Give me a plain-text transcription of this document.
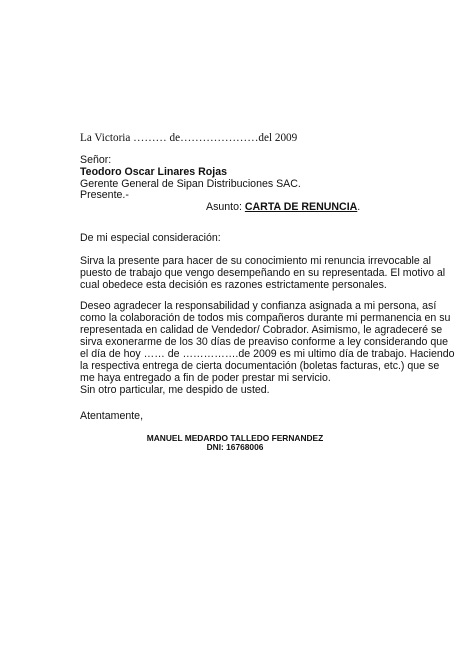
La Victoria ……… de…………………del 2009
Señor:
Teodoro Oscar Linares Rojas
Gerente General de Sipan Distribuciones SAC.
Presente.-
Asunto: CARTA DE RENUNCIA.
De mi especial consideración:
Sirva la presente para hacer de su conocimiento mi renuncia irrevocable al
puesto de trabajo que vengo desempeñando en su representada. El motivo al
cual obedece esta decisión es razones estrictamente personales.
Deseo agradecer la responsabilidad y confianza asignada a mi persona, así
como la colaboración de todos mis compañeros durante mi permanencia en su
representada en calidad de Vendedor/ Cobrador. Asimismo, le agradeceré se
sirva exonerarme de los 30 días de preaviso conforme a ley considerando que
el día de hoy …… de …………….de 2009 es mi ultimo día de trabajo. Haciendo
la respectiva entrega de cierta documentación (boletas facturas, etc.) que se
me haya entregado a fin de poder prestar mi servicio.
Sin otro particular, me despido de usted.
Atentamente,
MANUEL MEDARDO TALLEDO FERNANDEZ
DNI: 16768006
